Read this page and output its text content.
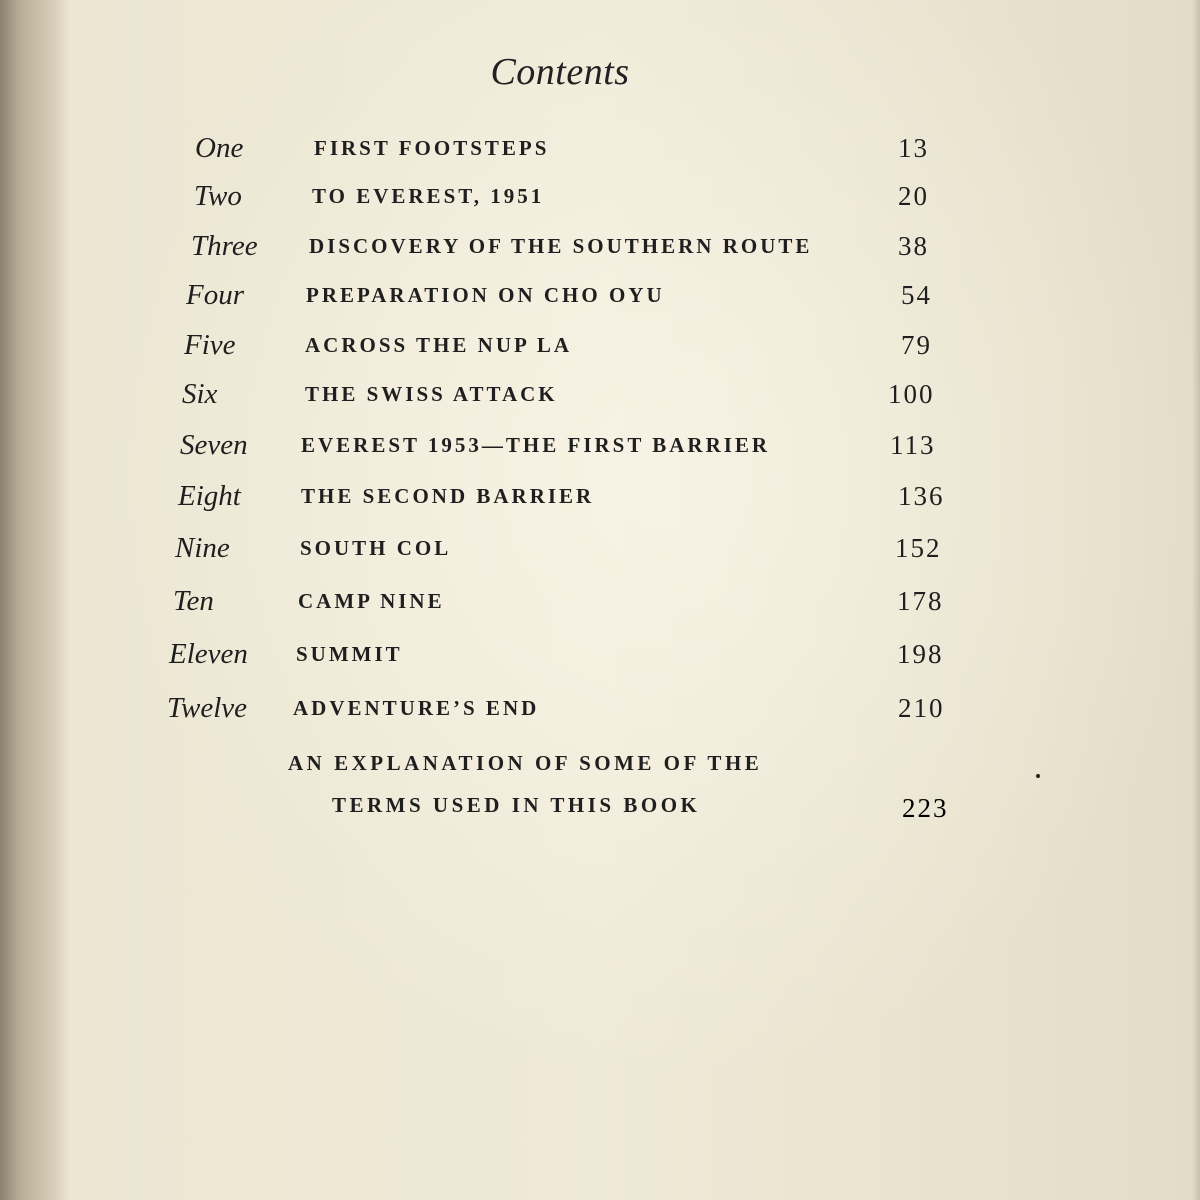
Contents
One	FIRST FOOTSTEPS	13
Two	TO EVEREST, 1951	20
Three DISCOVERY OF THE SOUTHERN ROUTE	38
Four	PREPARATION ON CHO OYU	54
Five	ACROSS THE NUP LA	79
Six	THE SWISS ATTACK	100
Seven	EVEREST 1953—THE FIRST BARRIER	113
Eight	THE SECOND BARRIER	136
Nine	SOUTH COL	152
Ten	CAMP NINE	178
Eleven SUMMIT	198
Twelve ADVENTURE’S END	210
AN EXPLANATION OF SOME OF THE
TERMS USED IN THIS BOOK	223
